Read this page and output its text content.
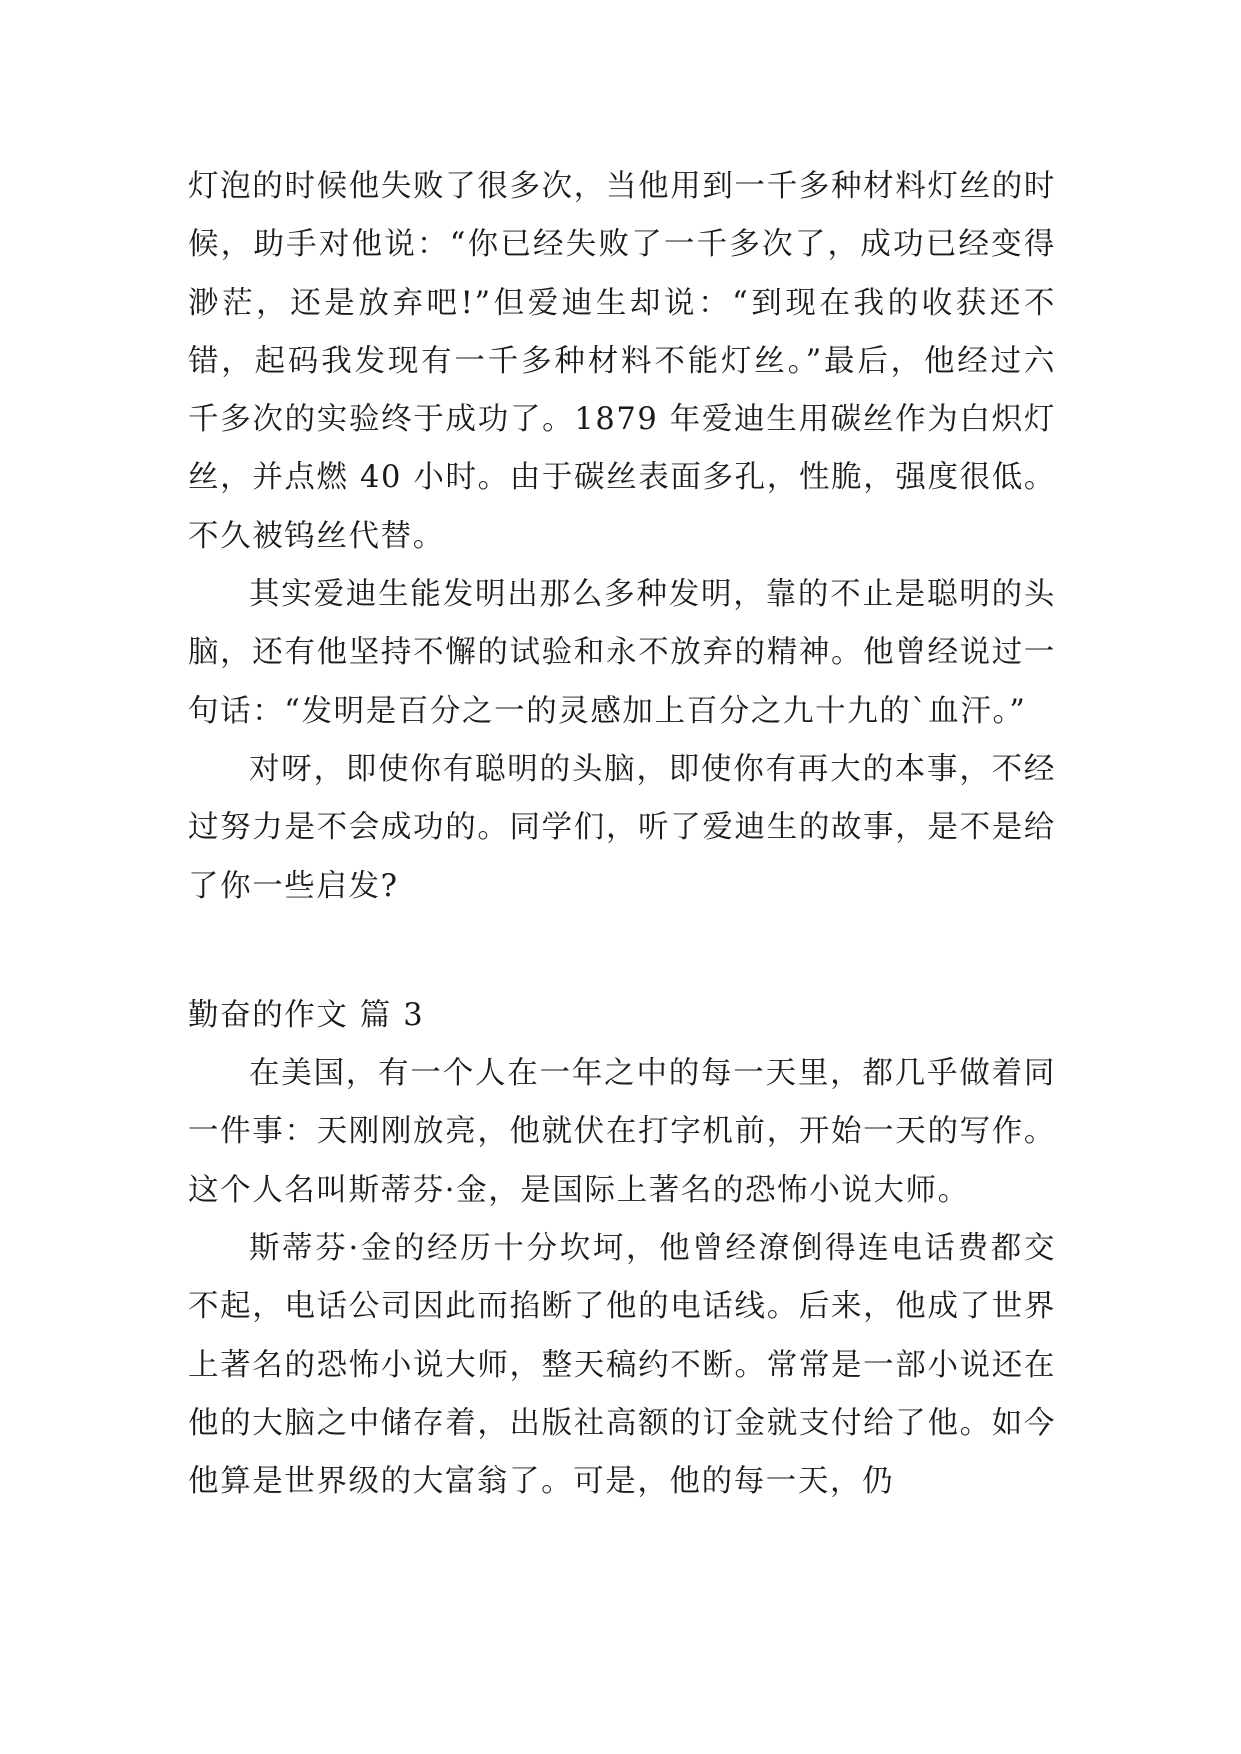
灯泡的时候他失败了很多次，当他用到一千多种材料灯丝的时候，助手对他说：“你已经失败了一千多次了，成功已经变得渺茫，还是放弃吧!”但爱迪生却说：“到现在我的收获还不错，起码我发现有一千多种材料不能灯丝。”最后，他经过六千多次的实验终于成功了。1879 年爱迪生用碳丝作为白炽灯丝，并点燃 40 小时。由于碳丝表面多孔，性脆，强度很低。不久被钨丝代替。

其实爱迪生能发明出那么多种发明，靠的不止是聪明的头脑，还有他坚持不懈的试验和永不放弃的精神。他曾经说过一句话：“发明是百分之一的灵感加上百分之九十九的`血汗。”

对呀，即使你有聪明的头脑，即使你有再大的本事，不经过努力是不会成功的。同学们，听了爱迪生的故事，是不是给了你一些启发?

勤奋的作文 篇 3

在美国，有一个人在一年之中的每一天里，都几乎做着同一件事：天刚刚放亮，他就伏在打字机前，开始一天的写作。这个人名叫斯蒂芬·金，是国际上著名的恐怖小说大师。

斯蒂芬·金的经历十分坎坷，他曾经潦倒得连电话费都交不起，电话公司因此而掐断了他的电话线。后来，他成了世界上著名的恐怖小说大师，整天稿约不断。常常是一部小说还在他的大脑之中储存着，出版社高额的订金就支付给了他。如今他算是世界级的大富翁了。可是，他的每一天，仍
